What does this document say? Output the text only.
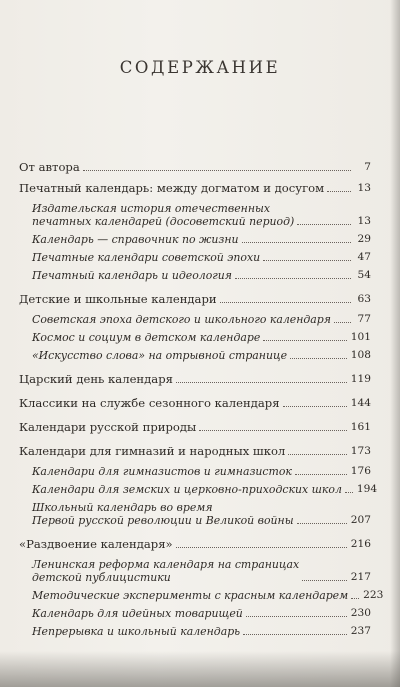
СОДЕРЖАНИЕ
От автора	7
Печатный календарь: между догматом и досугом	13
Издательская история отечественных
печатных календарей (досоветский период)	13
Календарь — справочник по жизни	29
Печатные календари советской эпохи	47
Печатный календарь и идеология	54
Детские и школьные календари	63
Советская эпоха детского и школьного календаря	77
Космос и социум в детском календаре	101
«Искусство слова» на отрывной странице	108
Царский день календаря	119
Классики на службе сезонного календаря	144
Календари русской природы	161
Календари для гимназий и народных школ	173
Календари для гимназистов и гимназисток	176
Календари для земских и церковно-приходских школ 194
Школьный календарь во время
Первой русской революции и Великой войны	207
«Раздвоение календаря»	216
Ленинская реформа календаря на страницах
детской публицистики	217
Методические эксперименты с красным календарем 223
Календарь для идейных товарищей	230
Непрерывка и школьный календарь	237
